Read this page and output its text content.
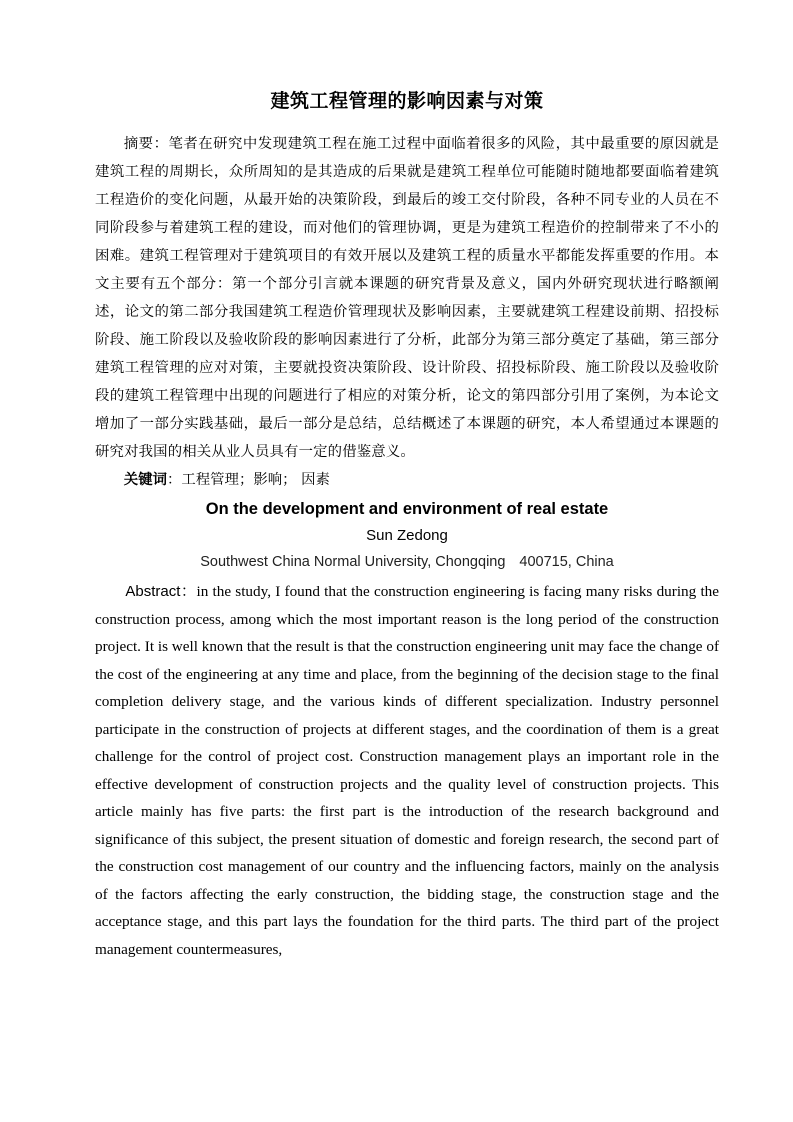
建筑工程管理的影响因素与对策

摘要：笔者在研究中发现建筑工程在施工过程中面临着很多的风险，其中最重要的原因就是建筑工程的周期长，众所周知的是其造成的后果就是建筑工程单位可能随时随地都要面临着建筑工程造价的变化问题，从最开始的决策阶段，到最后的竣工交付阶段，各种不同专业的人员在不同阶段参与着建筑工程的建设，而对他们的管理协调，更是为建筑工程造价的控制带来了不小的困难。建筑工程管理对于建筑项目的有效开展以及建筑工程的质量水平都能发挥重要的作用。本文主要有五个部分：第一个部分引言就本课题的研究背景及意义，国内外研究现状进行略额阐述，论文的第二部分我国建筑工程造价管理现状及影响因素，主要就建筑工程建设前期、招投标阶段、施工阶段以及验收阶段的影响因素进行了分析，此部分为第三部分奠定了基础，第三部分建筑工程管理的应对对策，主要就投资决策阶段、设计阶段、招投标阶段、施工阶段以及验收阶段的建筑工程管理中出现的问题进行了相应的对策分析，论文的第四部分引用了案例，为本论文增加了一部分实践基础，最后一部分是总结，总结概述了本课题的研究，本人希望通过本课题的研究对我国的相关从业人员具有一定的借鉴意义。

关键词：工程管理；影响； 因素

On the development and environment of real estate

Sun Zedong

Southwest China Normal University, Chongqing 400715, China

Abstract：in the study, I found that the construction engineering is facing many risks during the construction process, among which the most important reason is the long period of the construction project. It is well known that the result is that the construction engineering unit may face the change of the cost of the engineering at any time and place, from the beginning of the decision stage to the final completion delivery stage, and the various kinds of different specialization. Industry personnel participate in the construction of projects at different stages, and the coordination of them is a great challenge for the control of project cost. Construction management plays an important role in the effective development of construction projects and the quality level of construction projects. This article mainly has five parts: the first part is the introduction of the research background and significance of this subject, the present situation of domestic and foreign research, the second part of the construction cost management of our country and the influencing factors, mainly on the analysis of the factors affecting the early construction, the bidding stage, the construction stage and the acceptance stage, and this part lays the foundation for the third parts. The third part of the project management countermeasures,
